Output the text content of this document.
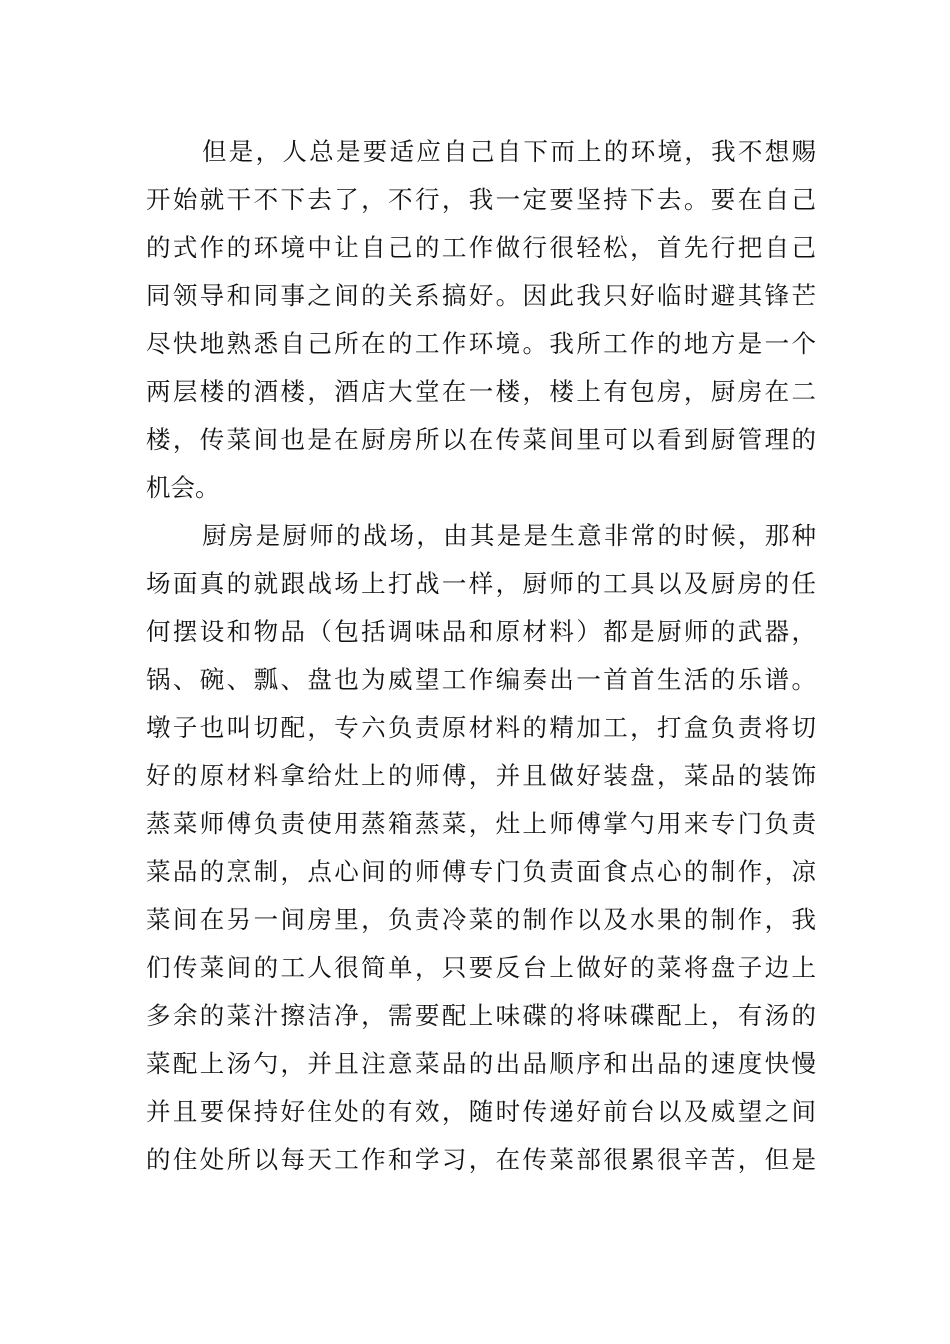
但是，人总是要适应自己自下而上的环境，我不想赐
开始就干不下去了，不行，我一定要坚持下去。要在自己
的式作的环境中让自己的工作做行很轻松，首先行把自己
同领导和同事之间的关系搞好。因此我只好临时避其锋芒
尽快地熟悉自己所在的工作环境。我所工作的地方是一个
两层楼的酒楼，酒店大堂在一楼，楼上有包房，厨房在二
楼，传菜间也是在厨房所以在传菜间里可以看到厨管理的
机会。
厨房是厨师的战场，由其是是生意非常的时候，那种
场面真的就跟战场上打战一样，厨师的工具以及厨房的任
何摆设和物品（包括调味品和原材料）都是厨师的武器，
锅、碗、瓢、盘也为威望工作编奏出一首首生活的乐谱。
墩子也叫切配，专六负责原材料的精加工，打盒负责将切
好的原材料拿给灶上的师傅，并且做好装盘，菜品的装饰
蒸菜师傅负责使用蒸箱蒸菜，灶上师傅掌勺用来专门负责
菜品的烹制，点心间的师傅专门负责面食点心的制作，凉
菜间在另一间房里，负责冷菜的制作以及水果的制作，我
们传菜间的工人很简单，只要反台上做好的菜将盘子边上
多余的菜汁擦洁净，需要配上味碟的将味碟配上，有汤的
菜配上汤勺，并且注意菜品的出品顺序和出品的速度快慢
并且要保持好住处的有效，随时传递好前台以及威望之间
的住处所以每天工作和学习，在传菜部很累很辛苦，但是
